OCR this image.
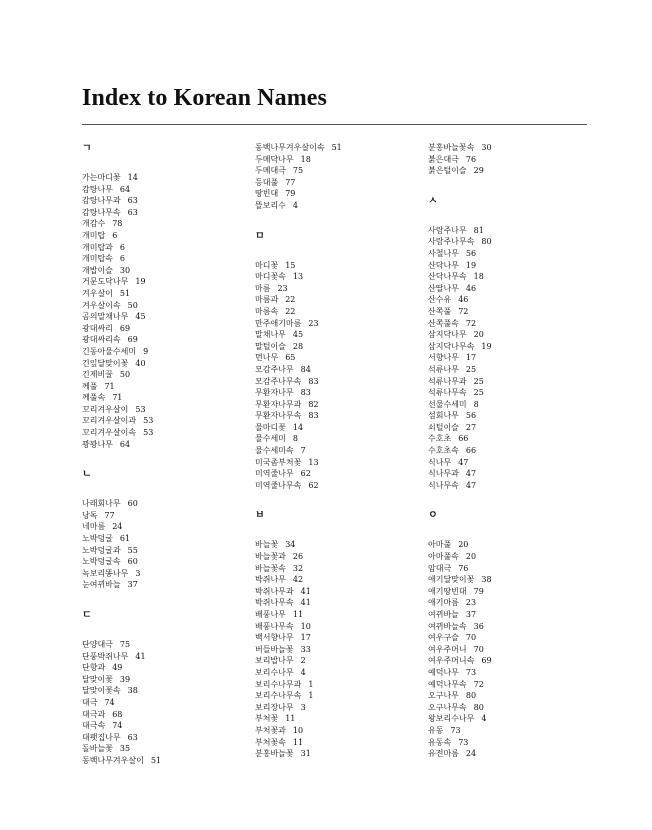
Index to Korean Names
ㄱ
가는마디꽃 14
감탕나무 64
감탕나무과 63
감탕나무속 63
개감수 78
개미탑 6
개미탑과 6
개미탑속 6
개밥이슬 30
거문도닥나무 19
겨우살이 51
겨우살이속 50
곰의말채나무 45
광대싸리 69
광대싸리속 69
긴동아물수세미 9
긴잎달맞이꽃 40
긴제비꿀 50
께풀 71
께풀속 71
꼬리겨우살이 53
꼬리겨우살이과 53
꼬리겨우살이속 53
꽝꽝나무 64
ㄴ
나래회나무 60
낭독 77
네마름 24
노박덩굴 61
노박덩굴과 55
노박덩굴속 60
녹보리똥나무 3
눈여뀌바늘 37
ㄷ
단양대극 75
단풍박쥐나무 41
단향과 49
달맞이꽃 39
달맞이꽃속 38
대극 74
대극과 68
대극속 74
대팻집나무 63
돌바늘꽃 35
동백나무겨우살이 51
동백나무겨우살이속 51
두메닥나무 18
두메대극 75
등대풀 77
땅빈대 79
뜰보리수 4
ㅁ
마디꽃 15
마디꽃속 13
마름 23
마름과 22
마름속 22
만주애기마름 23
말채나무 45
말털이슬 28
먼나무 65
모감주나무 84
모감주나무속 83
무환자나무 83
무환자나무과 82
무환자나무속 83
물마디꽃 14
물수세미 8
물수세미속 7
미국좀부처꽃 13
미역줄나무 62
미역줄나무속 62
ㅂ
바늘꽃 34
바늘꽃과 26
바늘꽃속 32
박쥐나무 42
박쥐나무과 41
박쥐나무속 41
배풍나무 11
배풍나무속 10
백서향나무 17
버들바늘꽃 33
보리밥나무 2
보리수나무 4
보리수나무과 1
보리수나무속 1
보리장나무 3
부처꽃 11
부처꽃과 10
부처꽃속 11
분홍바늘꽃 31
분홍바늘꽃속 30
붉은대극 76
붉은털이슬 29
ㅅ
사람주나무 81
사람주나무속 80
사철나무 56
산닥나무 19
산닥나무속 18
산딸나무 46
산수유 46
산쪽풀 72
산쪽풀속 72
삼지닥나무 20
삼지닥나무속 19
서향나무 17
석류나무 25
석류나무과 25
석류나무속 25
선물수세미 8
섬회나무 56
쇠털이슬 27
수호초 66
수호초속 66
식나무 47
식나무과 47
식나무속 47
ㅇ
아마풀 20
아마풀속 20
암대극 76
애기달맞이꽃 38
애기땅빈대 79
애기마름 23
여뀌바늘 37
여뀌바늘속 36
여우구슬 70
여우주머니 70
여우주머니속 69
예덕나무 73
예덕나무속 72
오구나무 80
오구나무속 80
왕보리수나무 4
유동 73
유동속 73
유전마름 24
